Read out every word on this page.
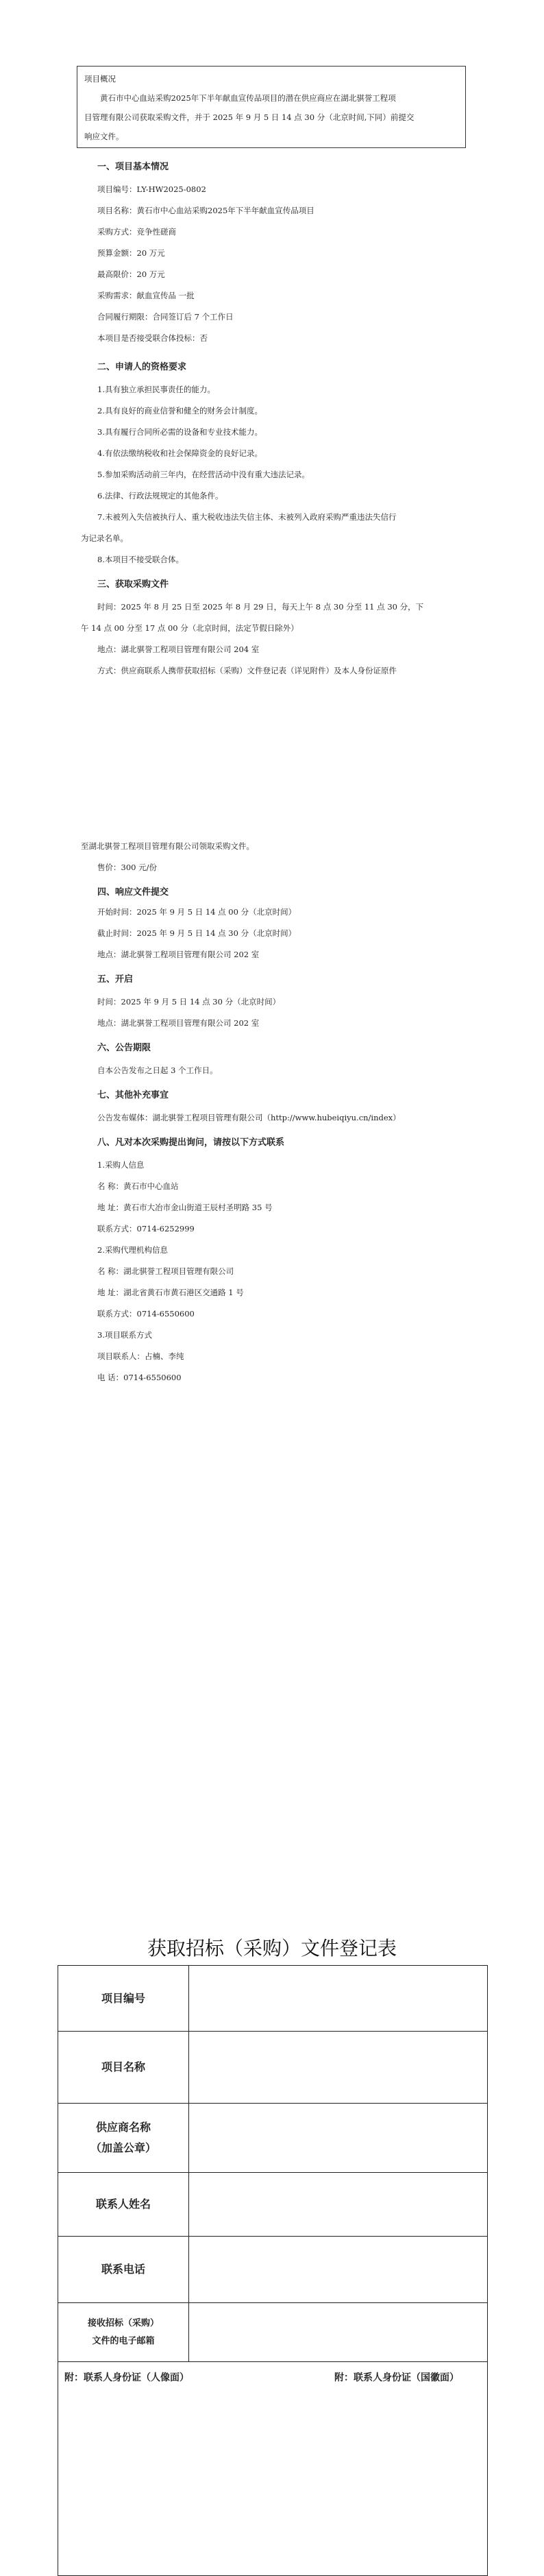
项目概况
黄石市中心血站采购2025年下半年献血宣传品项目的潜在供应商应在湖北骐誉工程项
目管理有限公司获取采购文件，并于 2025 年 9 月 5 日 14 点 30 分（北京时间,下同）前提交
响应文件。
一、项目基本情况
项目编号：LY-HW2025-0802
项目名称：黄石市中心血站采购2025年下半年献血宣传品项目
采购方式：竞争性磋商
预算金额：20 万元
最高限价：20 万元
采购需求：献血宣传品 一批
合同履行期限：合同签订后 7 个工作日
本项目是否接受联合体投标：否
二、申请人的资格要求
1.具有独立承担民事责任的能力。
2.具有良好的商业信誉和健全的财务会计制度。
3.具有履行合同所必需的设备和专业技术能力。
4.有依法缴纳税收和社会保障资金的良好记录。
5.参加采购活动前三年内，在经营活动中没有重大违法记录。
6.法律、行政法规规定的其他条件。
7.未被列入失信被执行人、重大税收违法失信主体、未被列入政府采购严重违法失信行
为记录名单。
8.本项目不接受联合体。
三、获取采购文件
时间：2025 年 8 月 25 日至 2025 年 8 月 29 日，每天上午 8 点 30 分至 11 点 30 分，下
午 14 点 00 分至 17 点 00 分（北京时间，法定节假日除外）
地点：湖北骐誉工程项目管理有限公司 204 室
方式：供应商联系人携带获取招标（采购）文件登记表（详见附件）及本人身份证原件
至湖北骐誉工程项目管理有限公司领取采购文件。
售价：300 元/份
四、响应文件提交
开始时间：2025 年 9 月 5 日 14 点 00 分（北京时间）
截止时间：2025 年 9 月 5 日 14 点 30 分（北京时间）
地点：湖北骐誉工程项目管理有限公司 202 室
五、开启
时间：2025 年 9 月 5 日 14 点 30 分（北京时间）
地点：湖北骐誉工程项目管理有限公司 202 室
六、公告期限
自本公告发布之日起 3 个工作日。
七、其他补充事宜
公告发布媒体：湖北骐誉工程项目管理有限公司（http://www.hubeiqiyu.cn/index）
八、凡对本次采购提出询问，请按以下方式联系
1.采购人信息
名 称：黄石市中心血站
地 址：黄石市大冶市金山街道王辰村圣明路 35 号
联系方式：0714-6252999
2.采购代理机构信息
名 称：湖北骐誉工程项目管理有限公司
地 址：湖北省黄石市黄石港区交通路 1 号
联系方式：0714-6550600
3.项目联系方式
项目联系人：占楠、李纯
电 话：0714-6550600
获取招标（采购）文件登记表
项目编号	
项目名称	

供应商名称
（加盖公章）	

联系人姓名	
联系电话	

接收招标（采购）
文件的电子邮箱	

附：联系人身份证（人像面） 附：联系人身份证（国徽面）	
